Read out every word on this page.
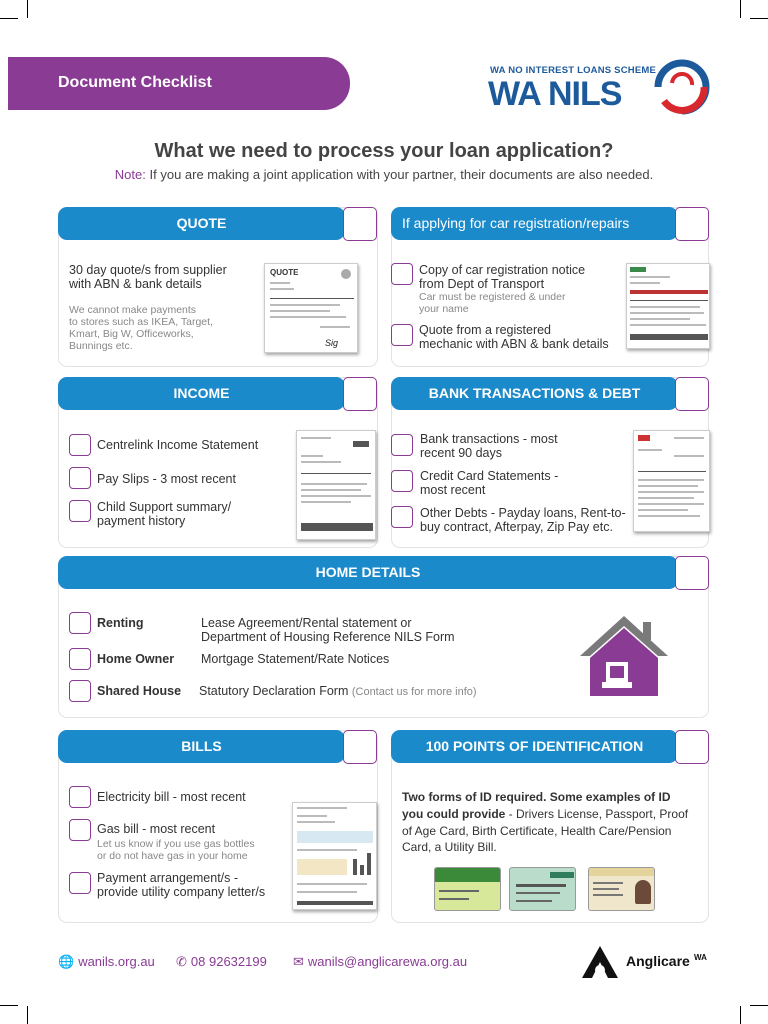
Document Checklist
WA NO INTEREST LOANS SCHEME
WA NILS
What we need to process your loan application?
Note: If you are making a joint application with your partner, their documents are also needed.
QUOTE
30 day quote/s from supplier
with ABN & bank details
We cannot make payments
to stores such as IKEA, Target,
Kmart, Big W, Officeworks,
Bunnings etc.
QUOTE
Sig
If applying for car registration/repairs
Copy of car registration notice
from Dept of Transport
Car must be registered & under
your name
Quote from a registered
mechanic with ABN & bank details
INCOME
Centrelink Income Statement
Pay Slips - 3 most recent
Child Support summary/
payment history
BANK TRANSACTIONS & DEBT
Bank transactions - most
recent 90 days
Credit Card Statements -
most recent
Other Debts - Payday loans, Rent-to-
buy contract, Afterpay, Zip Pay etc.
HOME DETAILS
Renting	Lease Agreement/Rental statement or
Department of Housing Reference NILS Form
Home Owner Mortgage Statement/Rate Notices
Shared House Statutory Declaration Form (Contact us for more info)
BILLS
Electricity bill - most recent
Gas bill - most recent
Let us know if you use gas bottles
or do not have gas in your home
Payment arrangement/s -
provide utility company letter/s
100 POINTS OF IDENTIFICATION
Two forms of ID required. Some examples of ID
you could provide - Drivers License, Passport, Proof
of Age Card, Birth Certificate, Health Care/Pension
Card, a Utility Bill.
🌐 wanils.org.au ✆ 08 92632199 ✉ wanils@anglicarewa.org.au	Anglicare WA
